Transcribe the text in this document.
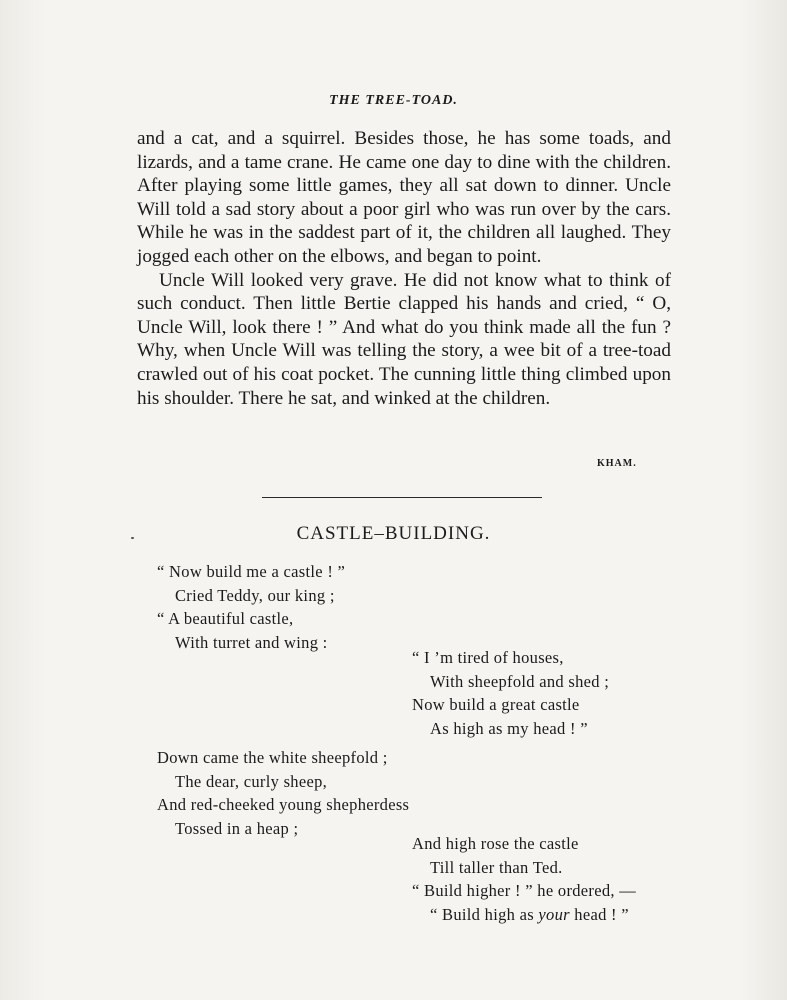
THE TREE-TOAD.

and a cat, and a squirrel. Besides those, he has some toads, and lizards, and a tame crane. He came one day to dine with the children. After playing some little games, they all sat down to dinner. Uncle Will told a sad story about a poor girl who was run over by the cars. While he was in the saddest part of it, the children all laughed. They jogged each other on the elbows, and began to point.

Uncle Will looked very grave. He did not know what to think of such conduct. Then little Bertie clapped his hands and cried, “ O, Uncle Will, look there ! ” And what do you think made all the fun ? Why, when Uncle Will was telling the story, a wee bit of a tree-toad crawled out of his coat pocket. The cunning little thing climbed upon his shoulder. There he sat, and winked at the children.

KHAM.
CASTLE–BUILDING.
“ Now build me a castle ! ”
Cried Teddy, our king ;
“ A beautiful castle,
With turret and wing :
“ I ’m tired of houses,
With sheepfold and shed ;
Now build a great castle
As high as my head ! ”
Down came the white sheepfold ;
The dear, curly sheep,
And red-cheeked young shepherdess
Tossed in a heap ;
And high rose the castle
Till taller than Ted.
“ Build higher ! ” he ordered, —
“ Build high as your head ! ”
